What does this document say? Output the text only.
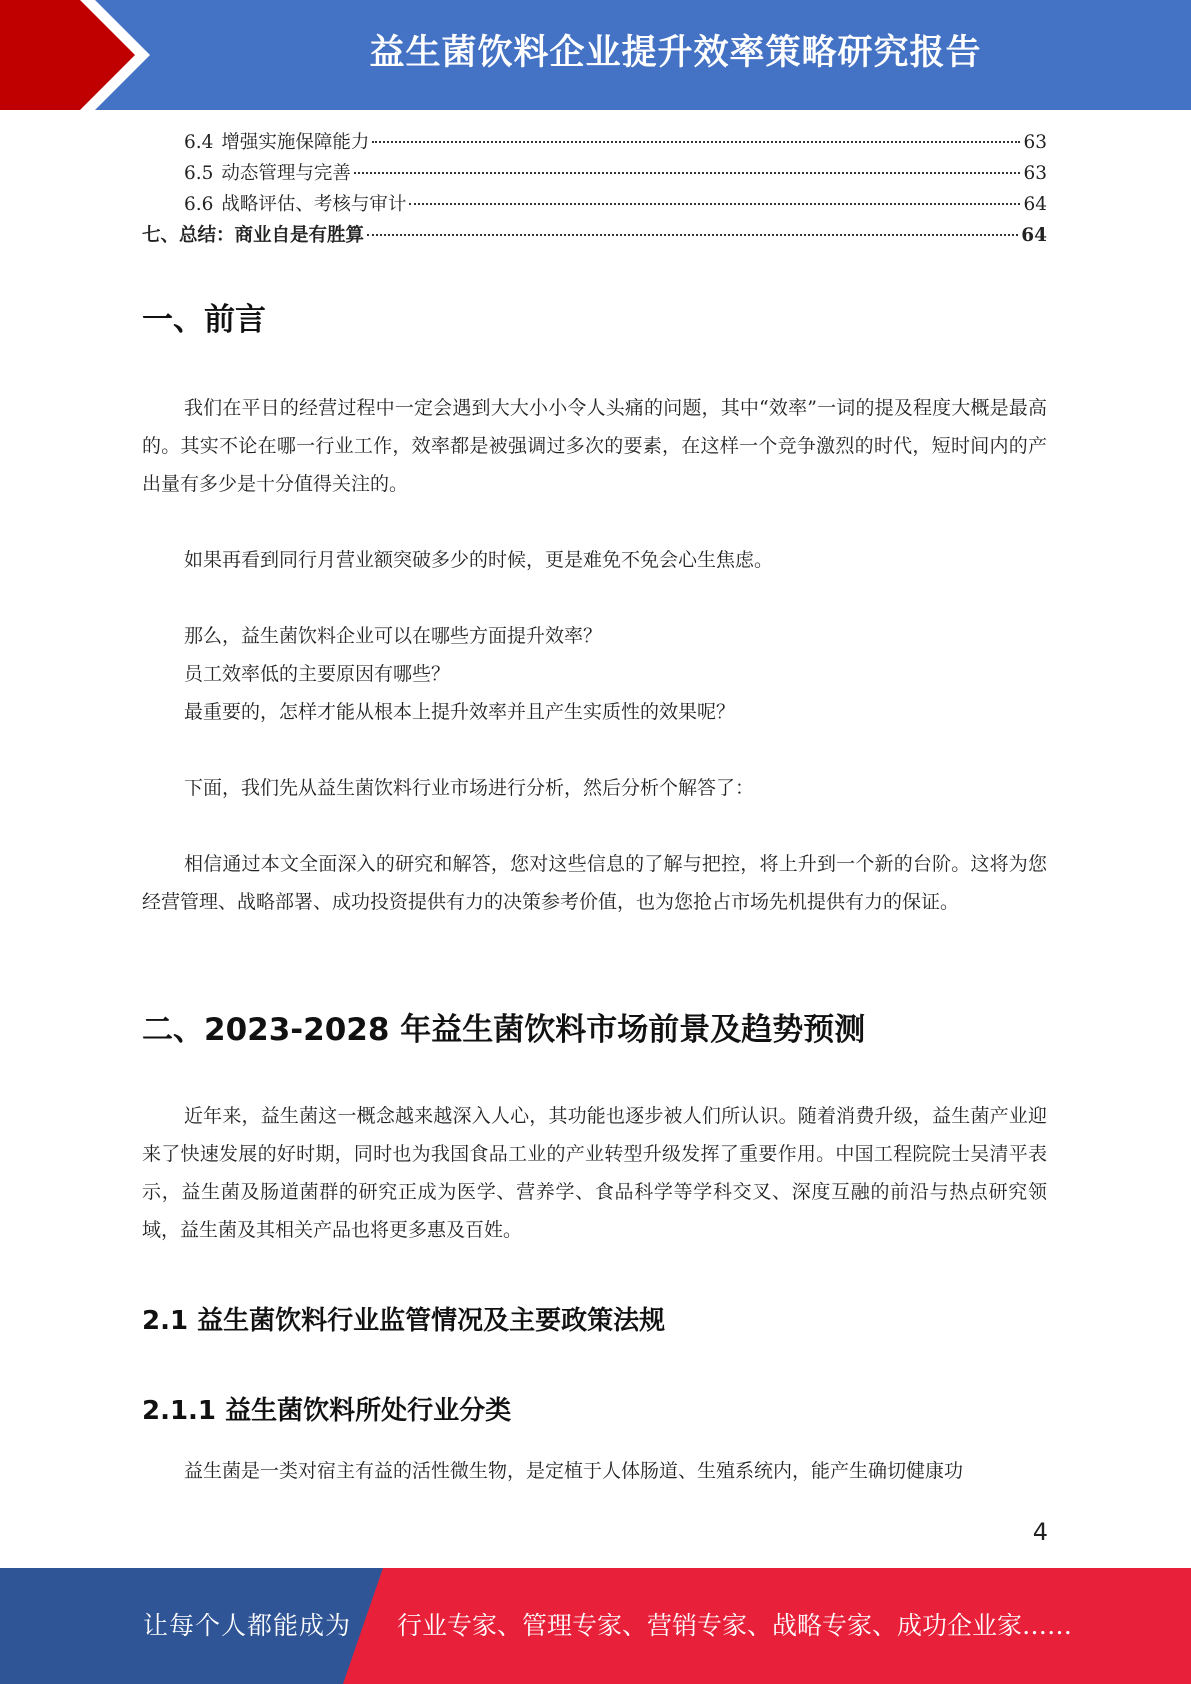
益生菌饮料企业提升效率策略研究报告
6.4 增强实施保障能力	63
6.5 动态管理与完善	63
6.6 战略评估、考核与审计	64
七、总结：商业自是有胜算	64
一、前言

我们在平日的经营过程中一定会遇到大大小小令人头痛的问题，其中“效率”一词的提及程度大概是最高的。其实不论在哪一行业工作，效率都是被强调过多次的要素，在这样一个竞争激烈的时代，短时间内的产出量有多少是十分值得关注的。

如果再看到同行月营业额突破多少的时候，更是难免不免会心生焦虑。

那么，益生菌饮料企业可以在哪些方面提升效率？

员工效率低的主要原因有哪些？

最重要的，怎样才能从根本上提升效率并且产生实质性的效果呢？

下面，我们先从益生菌饮料行业市场进行分析，然后分析个解答了：

相信通过本文全面深入的研究和解答，您对这些信息的了解与把控，将上升到一个新的台阶。这将为您经营管理、战略部署、成功投资提供有力的决策参考价值，也为您抢占市场先机提供有力的保证。

二、2023-2028 年益生菌饮料市场前景及趋势预测

近年来，益生菌这一概念越来越深入人心，其功能也逐步被人们所认识。随着消费升级，益生菌产业迎来了快速发展的好时期，同时也为我国食品工业的产业转型升级发挥了重要作用。中国工程院院士吴清平表示，益生菌及肠道菌群的研究正成为医学、营养学、食品科学等学科交叉、深度互融的前沿与热点研究领域，益生菌及其相关产品也将更多惠及百姓。

2.1 益生菌饮料行业监管情况及主要政策法规
2.1.1 益生菌饮料所处行业分类

益生菌是一类对宿主有益的活性微生物，是定植于人体肠道、生殖系统内，能产生确切健康功

4
让每个人都能成为 行业专家、管理专家、营销专家、战略专家、成功企业家……
